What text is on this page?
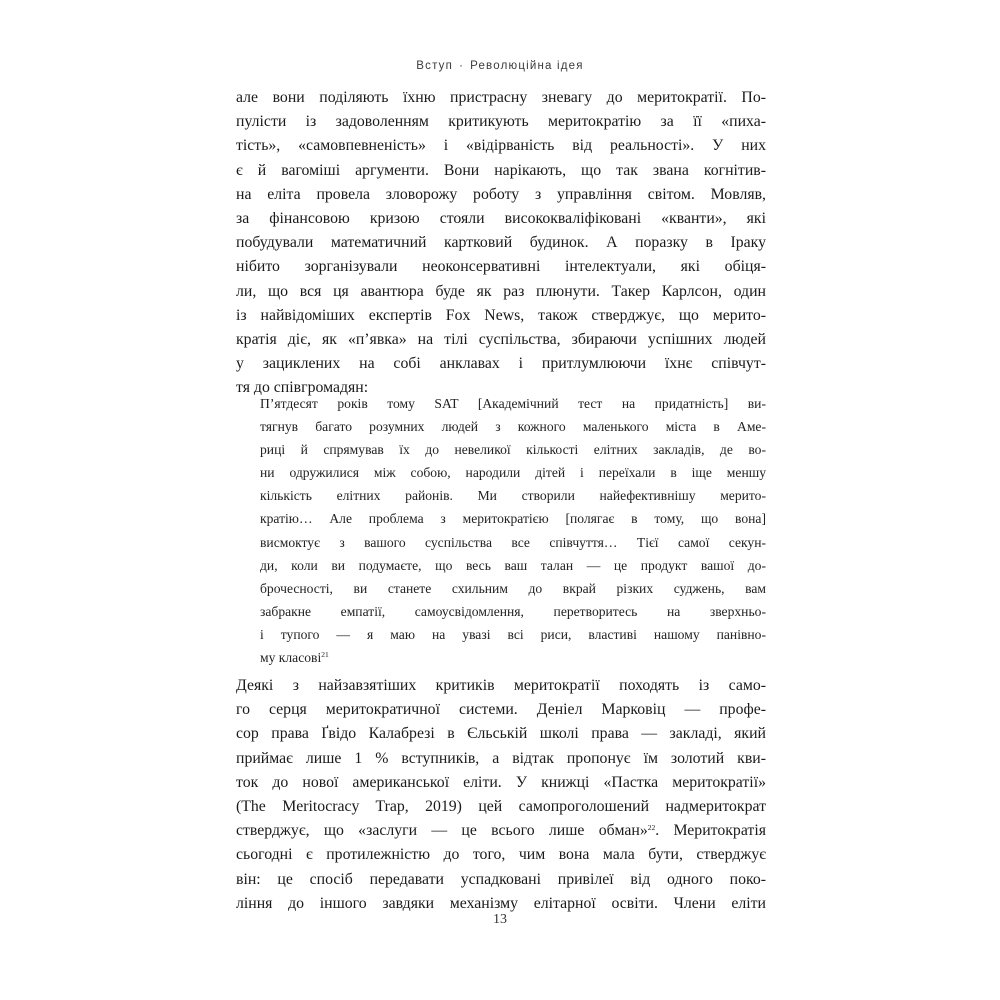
Вступ · Революційна ідея
але вони поділяють їхню пристрасну зневагу до меритократії. По-
пулісти із задоволенням критикують меритократію за її «пиха-
тість», «самовпевненість» і «відірваність від реальності». У них
є й вагоміші аргументи. Вони нарікають, що так звана когнітив-
на еліта провела зловорожу роботу з управління світом. Мовляв,
за фінансовою кризою стояли висококваліфіковані «кванти», які
побудували математичний картковий будинок. А поразку в Іраку
нібито зорганізували неоконсервативні інтелектуали, які обіця-
ли, що вся ця авантюра буде як раз плюнути. Такер Карлсон, один
із найвідоміших експертів Fox News, також стверджує, що мерито-
кратія діє, як «п’явка» на тілі суспільства, збираючи успішних людей
у зациклених на собі анклавах і притлумлюючи їхнє співчут-
тя до співгромадян:
П’ятдесят років тому SAT [Академічний тест на придатність] ви-
тягнув багато розумних людей з кожного маленького міста в Аме-
риці й спрямував їх до невеликої кількості елітних закладів, де во-
ни одружилися між собою, народили дітей і переїхали в іще меншу
кількість елітних районів. Ми створили найефективнішу мерито-
кратію… Але проблема з меритократією [полягає в тому, що вона]
висмоктує з вашого суспільства все співчуття… Тієї самої секун-
ди, коли ви подумаєте, що весь ваш талан — це продукт вашої до-
брочесності, ви станете схильним до вкрай різких суджень, вам
забракне емпатії, самоусвідомлення, перетворитесь на зверхньо-
і тупого — я маю на увазі всі риси, властиві нашому панівно-
му класові$^{21}$
Деякі з найзавзятіших критиків меритократії походять із само-
го серця меритократичної системи. Деніел Марковіц — профе-
сор права Ґвідо Калабрезі в Єльській школі права — закладі, який
приймає лише 1 % вступників, а відтак пропонує їм золотий кви-
ток до нової американської еліти. У книжці «Пастка меритократії»
(The Meritocracy Trap, 2019) цей самопроголошений надмеритократ
стверджує, що «заслуги — це всього лише обман»$^{22}$. Меритократія
сьогодні є протилежністю до того, чим вона мала бути, стверджує
він: це спосіб передавати успадковані привілеї від одного поко-
ління до іншого завдяки механізму елітарної освіти. Члени еліти
13
